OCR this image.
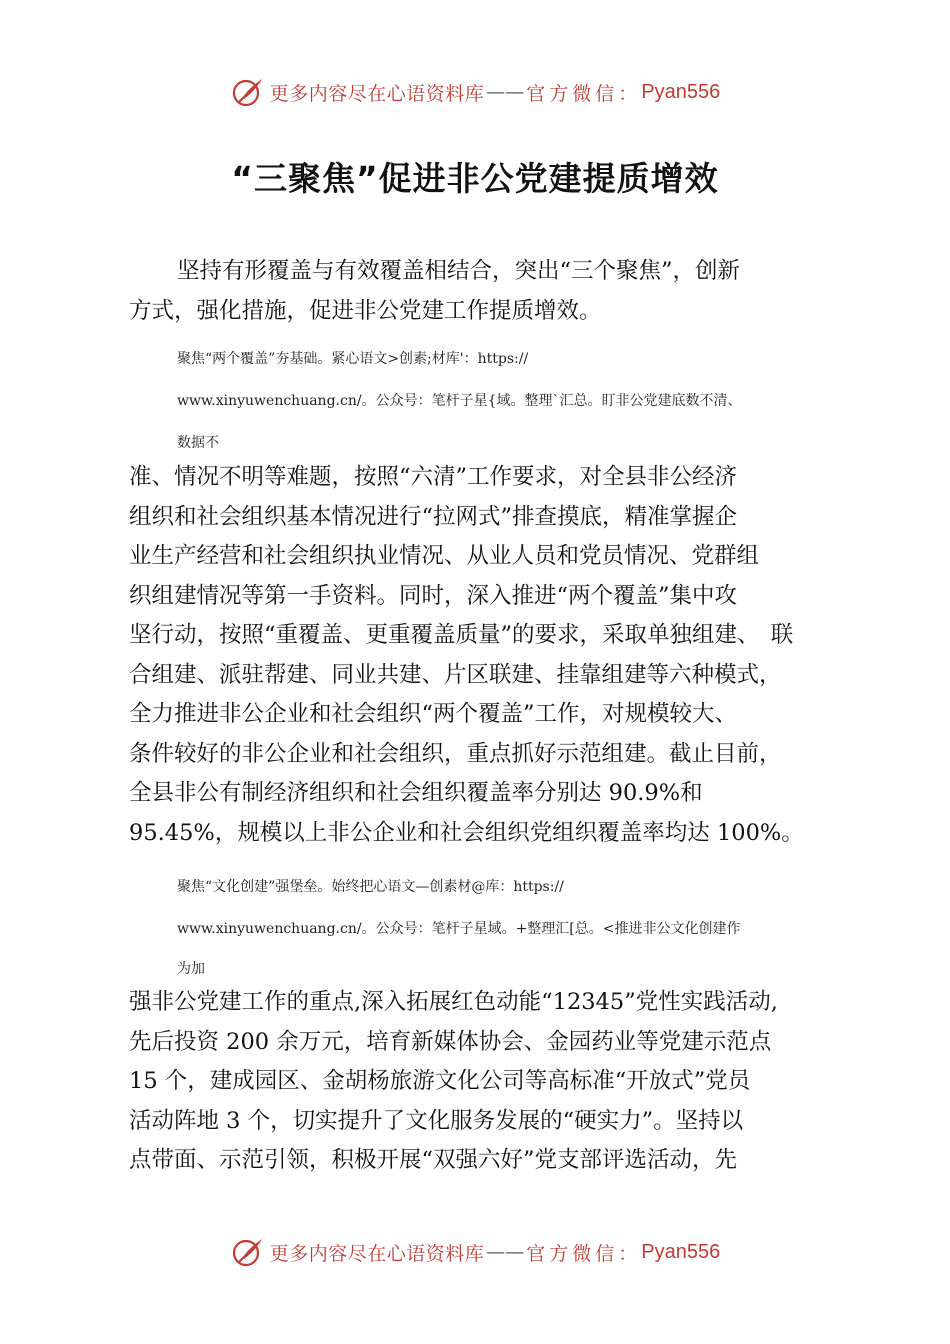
更多内容尽在心语资料库 —— 官方微信： Pyan556
“三聚焦”促进非公党建提质增效
坚持有形覆盖与有效覆盖相结合，突出“三个聚焦”，创新
方式，强化措施，促进非公党建工作提质增效。
聚焦“两个覆盖”夯基础。紧心语文>创素;材库'：https://
www.xinyuwenchuang.cn/。公众号：笔杆子星{域。整理`汇总。盯非公党建底数不清、
数据不
准、情况不明等难题，按照“六清”工作要求，对全县非公经济
组织和社会组织基本情况进行“拉网式”排查摸底，精准掌握企
业生产经营和社会组织执业情况、从业人员和党员情况、党群组
织组建情况等第一手资料。同时，深入推进“两个覆盖”集中攻
坚行动，按照“重覆盖、更重覆盖质量”的要求，采取单独组建、　联
合组建、派驻帮建、同业共建、片区联建、挂靠组建等六种模式，
全力推进非公企业和社会组织“两个覆盖”工作，对规模较大、
条件较好的非公企业和社会组织，重点抓好示范组建。截止目前，
全县非公有制经济组织和社会组织覆盖率分别达 90.9%和
95.45%，规模以上非公企业和社会组织党组织覆盖率均达 100%。
聚焦“文化创建”强堡垒。始终把心语文—创素材@库：https://
www.xinyuwenchuang.cn/。公众号：笔杆子星域。+整理汇[总。<推进非公文化创建作
为加
强非公党建工作的重点,深入拓展红色动能“12345”党性实践活动,
先后投资 200 余万元，培育新媒体协会、金园药业等党建示范点
15 个，建成园区、金胡杨旅游文化公司等高标准“开放式”党员
活动阵地 3 个，切实提升了文化服务发展的“硬实力”。坚持以
点带面、示范引领，积极开展“双强六好”党支部评选活动，先
更多内容尽在心语资料库 —— 官方微信： Pyan556
